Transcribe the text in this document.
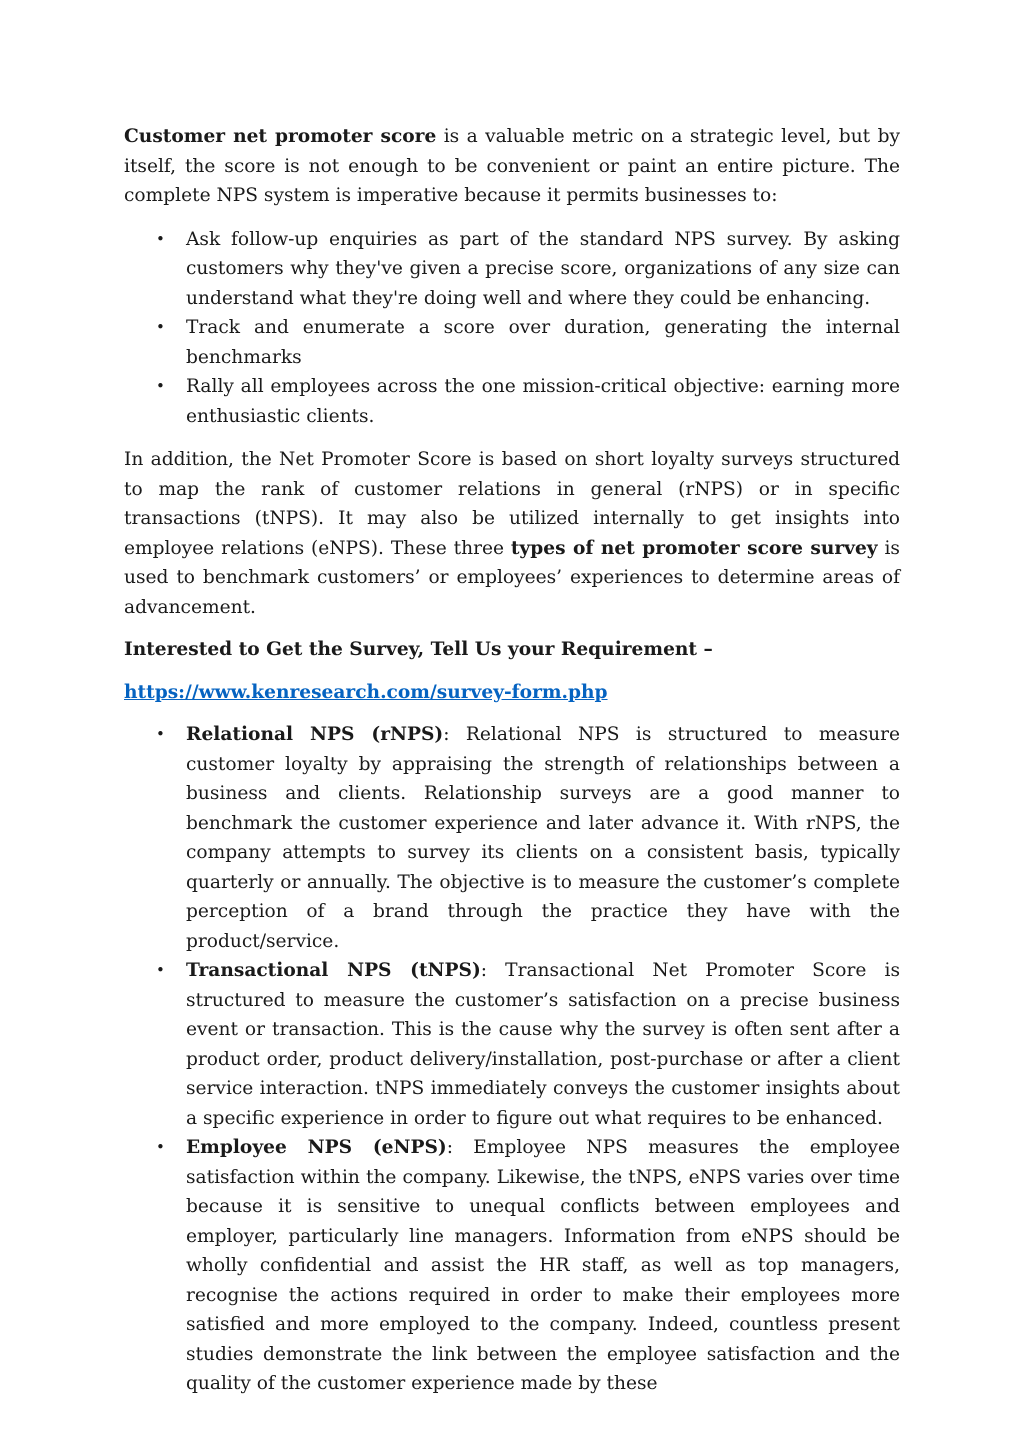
Customer net promoter score is a valuable metric on a strategic level, but by itself, the score is not enough to be convenient or paint an entire picture. The complete NPS system is imperative because it permits businesses to:

• Ask follow-up enquiries as part of the standard NPS survey. By asking customers why they've given a precise score, organizations of any size can understand what they're doing well and where they could be enhancing.
• Track and enumerate a score over duration, generating the internal benchmarks
• Rally all employees across the one mission-critical objective: earning more enthusiastic clients.

In addition, the Net Promoter Score is based on short loyalty surveys structured to map the rank of customer relations in general (rNPS) or in specific transactions (tNPS). It may also be utilized internally to get insights into employee relations (eNPS). These three types of net promoter score survey is used to benchmark customers’ or employees’ experiences to determine areas of advancement.

Interested to Get the Survey, Tell Us your Requirement –

https://www.kenresearch.com/survey-form.php

• Relational NPS (rNPS): Relational NPS is structured to measure customer loyalty by appraising the strength of relationships between a business and clients. Relationship surveys are a good manner to benchmark the customer experience and later advance it. With rNPS, the company attempts to survey its clients on a consistent basis, typically quarterly or annually. The objective is to measure the customer’s complete perception of a brand through the practice they have with the product/service.
• Transactional NPS (tNPS): Transactional Net Promoter Score is structured to measure the customer’s satisfaction on a precise business event or transaction. This is the cause why the survey is often sent after a product order, product delivery/installation, post-purchase or after a client service interaction. tNPS immediately conveys the customer insights about a specific experience in order to figure out what requires to be enhanced.
• Employee NPS (eNPS): Employee NPS measures the employee satisfaction within the company. Likewise, the tNPS, eNPS varies over time because it is sensitive to unequal conflicts between employees and employer, particularly line managers. Information from eNPS should be wholly confidential and assist the HR staff, as well as top managers, recognise the actions required in order to make their employees more satisfied and more employed to the company. Indeed, countless present studies demonstrate the link between the employee satisfaction and the quality of the customer experience made by these
